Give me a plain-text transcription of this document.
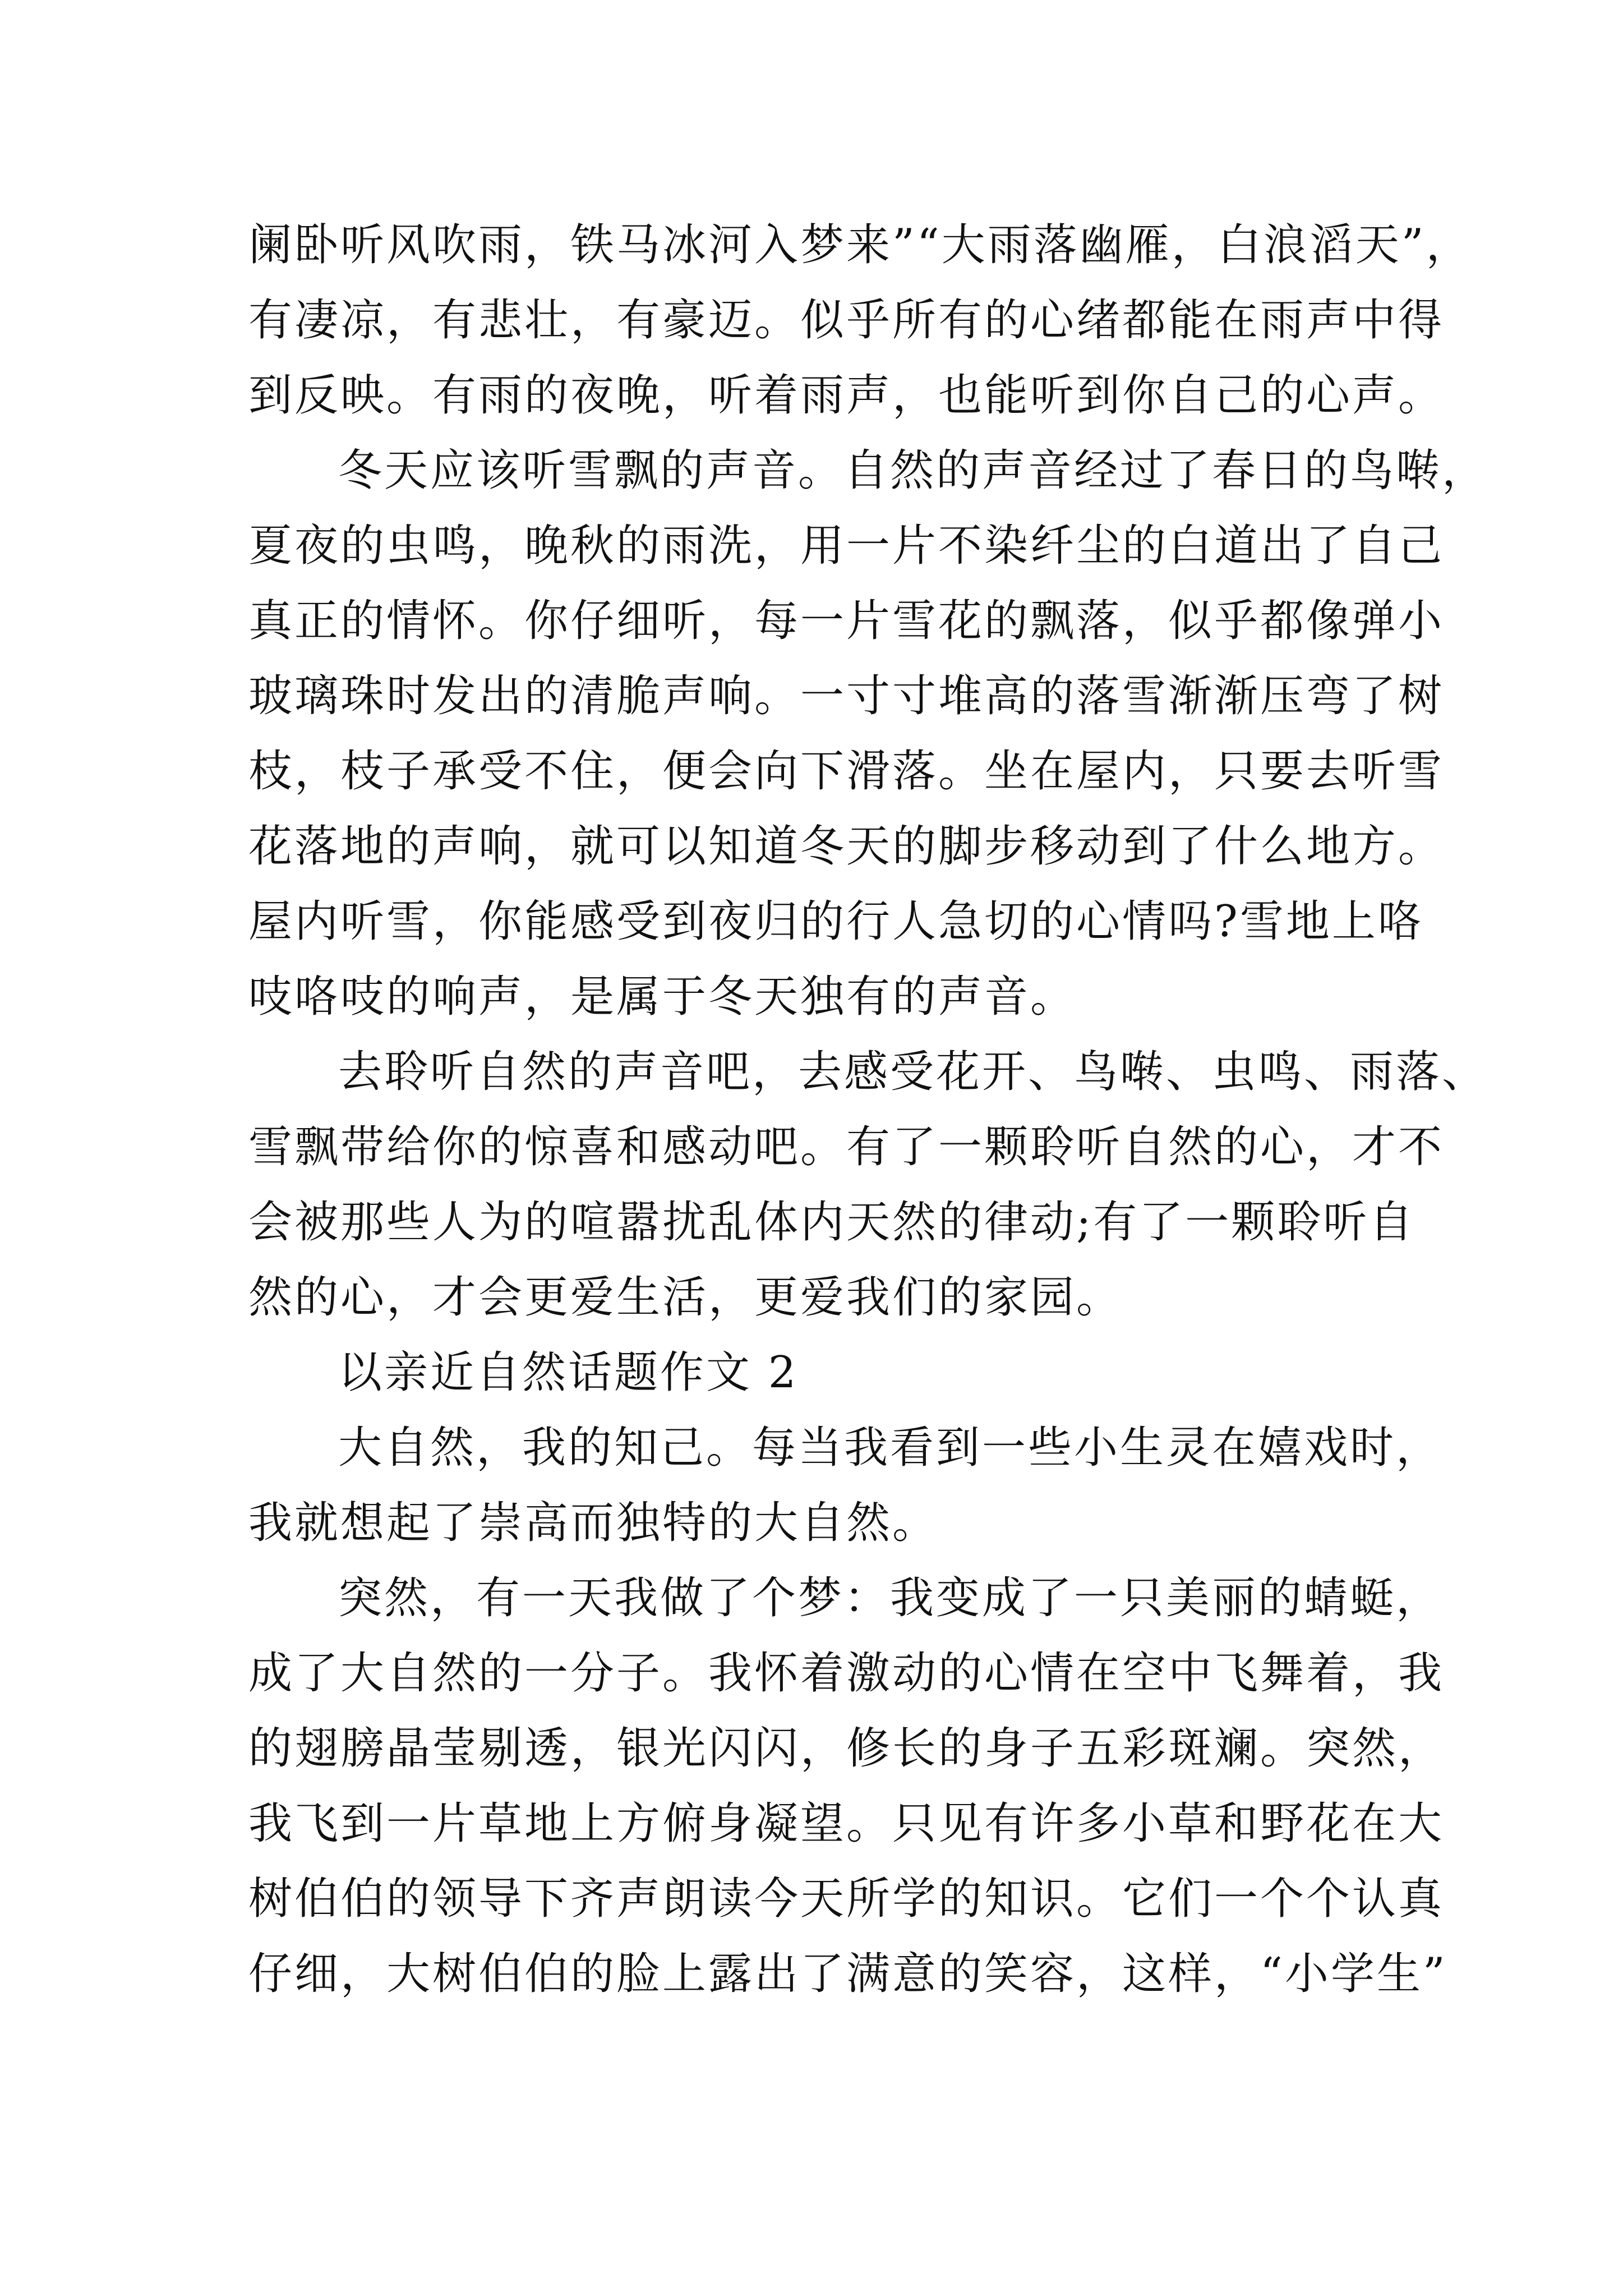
阑卧听风吹雨，铁马冰河入梦来”“大雨落幽雁，白浪滔天”，
有凄凉，有悲壮，有豪迈。似乎所有的心绪都能在雨声中得
到反映。有雨的夜晚，听着雨声，也能听到你自己的心声。
冬天应该听雪飘的声音。自然的声音经过了春日的鸟啭，
夏夜的虫鸣，晚秋的雨洗，用一片不染纤尘的白道出了自己
真正的情怀。你仔细听，每一片雪花的飘落，似乎都像弹小
玻璃珠时发出的清脆声响。一寸寸堆高的落雪渐渐压弯了树
枝，枝子承受不住，便会向下滑落。坐在屋内，只要去听雪
花落地的声响，就可以知道冬天的脚步移动到了什么地方。
屋内听雪，你能感受到夜归的行人急切的心情吗?雪地上咯
吱咯吱的响声，是属于冬天独有的声音。
去聆听自然的声音吧，去感受花开、鸟啭、虫鸣、雨落、
雪飘带给你的惊喜和感动吧。有了一颗聆听自然的心，才不
会被那些人为的喧嚣扰乱体内天然的律动;有了一颗聆听自
然的心，才会更爱生活，更爱我们的家园。
以亲近自然话题作文 2
大自然，我的知己。每当我看到一些小生灵在嬉戏时，
我就想起了崇高而独特的大自然。
突然，有一天我做了个梦：我变成了一只美丽的蜻蜓，
成了大自然的一分子。我怀着激动的心情在空中飞舞着，我
的翅膀晶莹剔透，银光闪闪，修长的身子五彩斑斓。突然，
我飞到一片草地上方俯身凝望。只见有许多小草和野花在大
树伯伯的领导下齐声朗读今天所学的知识。它们一个个认真
仔细，大树伯伯的脸上露出了满意的笑容，这样，“小学生”
